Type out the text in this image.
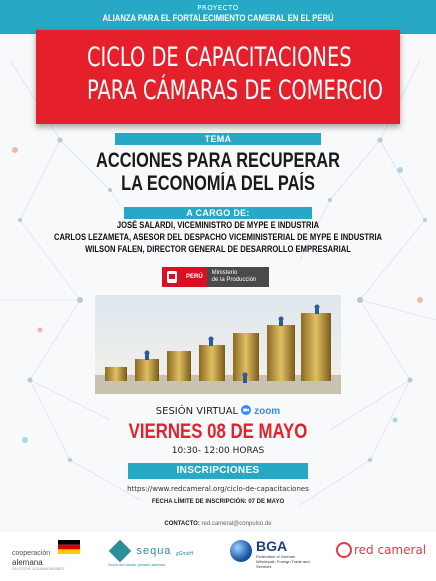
PROYECTO
ALIANZA PARA EL FORTALECIMIENTO CAMERAL EN EL PERÚ
CICLO DE CAPACITACIONES
PARA CÁMARAS DE COMERCIO
TEMA
ACCIONES PARA RECUPERAR
LA ECONOMÍA DEL PAÍS
A CARGO DE:
JOSÉ SALARDI, VICEMINISTRO DE MYPE E INDUSTRIA
CARLOS LEZAMETA, ASESOR DEL DESPACHO VICEMINISTERIAL DE MYPE E INDUSTRIA
WILSON FALEN, DIRECTOR GENERAL DE DESARROLLO EMPRESARIAL
PERÚ
Ministerio
de la Producción
SESIÓN VIRTUAL zoom
VIERNES 08 DE MAYO
10:30- 12:00 HORAS
INSCRIPCIONES
https://www.redcameral.org/ciclo-de-capacitaciones
FECHA LÍMITE DE INSCRIPCIÓN: 07 DE MAYO
CONTACTO: red.cameral@conpulso.de
cooperación
alemana
DEUTSCHE ZUSAMMENARBEIT
sequa gGmbH
Socio del sector privado alemán
BGA
Federation of German Wholesale, Foreign Trade and Services
red cameral
